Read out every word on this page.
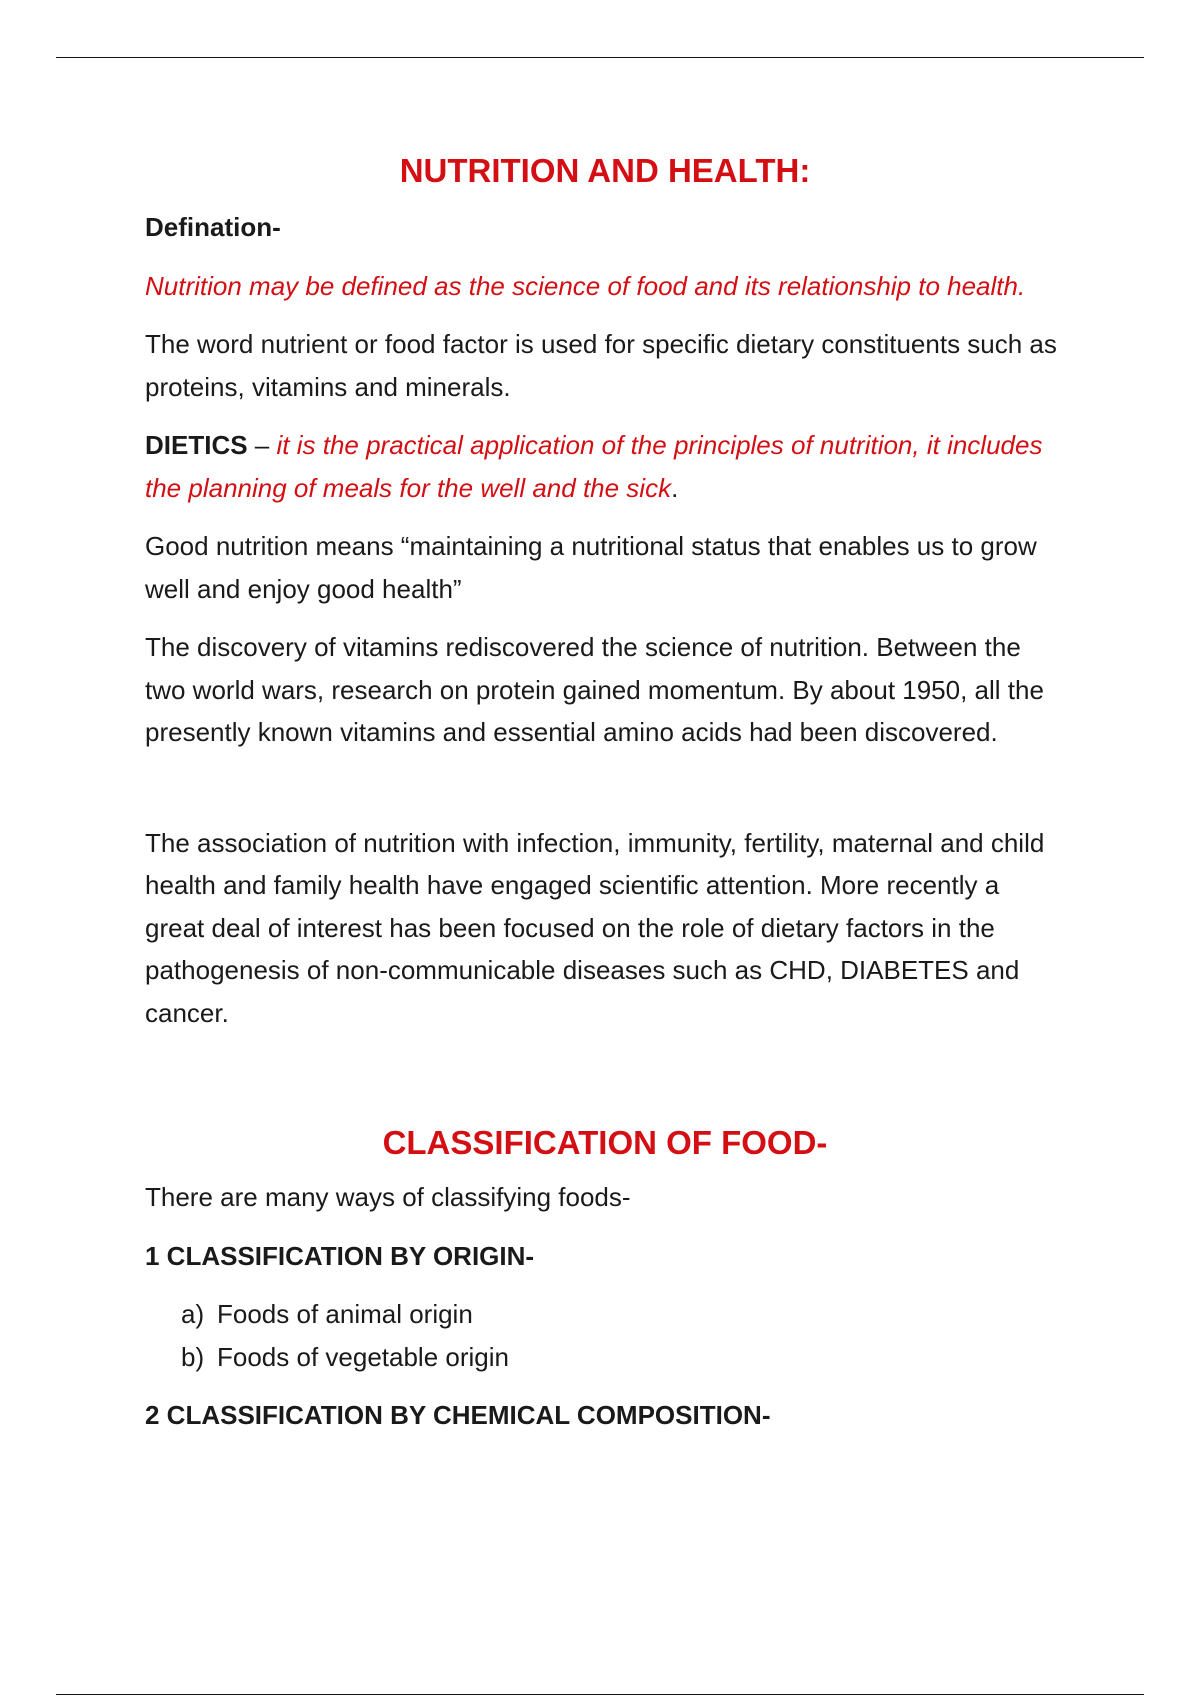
NUTRITION AND HEALTH:

Defination-

Nutrition may be defined as the science of food and its relationship to health.

The word nutrient or food factor is used for specific dietary constituents such as proteins, vitamins and minerals.

DIETICS – it is the practical application of the principles of nutrition, it includes the planning of meals for the well and the sick.

Good nutrition means “maintaining a nutritional status that enables us to grow well and enjoy good health”

The discovery of vitamins rediscovered the science of nutrition. Between the two world wars, research on protein gained momentum. By about 1950, all the presently known vitamins and essential amino acids had been discovered.

The association of nutrition with infection, immunity, fertility, maternal and child health and family health have engaged scientific attention. More recently a great deal of interest has been focused on the role of dietary factors in the pathogenesis of non-communicable diseases such as CHD, DIABETES and cancer.

CLASSIFICATION OF FOOD-

There are many ways of classifying foods-

1 CLASSIFICATION BY ORIGIN-

a) Foods of animal origin
b) Foods of vegetable origin

2 CLASSIFICATION BY CHEMICAL COMPOSITION-
